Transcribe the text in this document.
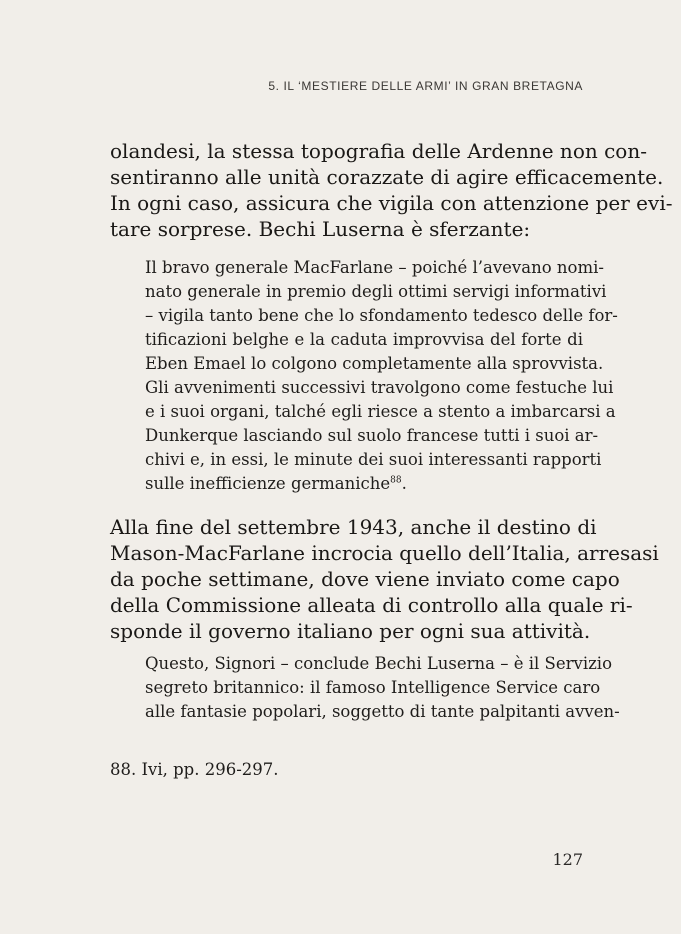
5. IL ‘MESTIERE DELLE ARMI’ IN GRAN BRETAGNA
olandesi, la stessa topografia delle Ardenne non con-
sentiranno alle unità corazzate di agire efficacemente.
In ogni caso, assicura che vigila con attenzione per evi-
tare sorprese. Bechi Luserna è sferzante:
Il bravo generale MacFarlane – poiché l’avevano nomi-
nato generale in premio degli ottimi servigi informativi
– vigila tanto bene che lo sfondamento tedesco delle for-
tificazioni belghe e la caduta improvvisa del forte di
Eben Emael lo colgono completamente alla sprovvista.
Gli avvenimenti successivi travolgono come festuche lui
e i suoi organi, talché egli riesce a stento a imbarcarsi a
Dunkerque lasciando sul suolo francese tutti i suoi ar-
chivi e, in essi, le minute dei suoi interessanti rapporti
sulle inefficienze germaniche$^{88}$.
Alla fine del settembre 1943, anche il destino di
Mason-MacFarlane incrocia quello dell’Italia, arresasi
da poche settimane, dove viene inviato come capo
della Commissione alleata di controllo alla quale ri-
sponde il governo italiano per ogni sua attività.
Questo, Signori – conclude Bechi Luserna – è il Servizio
segreto britannico: il famoso Intelligence Service caro
alle fantasie popolari, soggetto di tante palpitanti avven-
88. Ivi, pp. 296-297.
127
